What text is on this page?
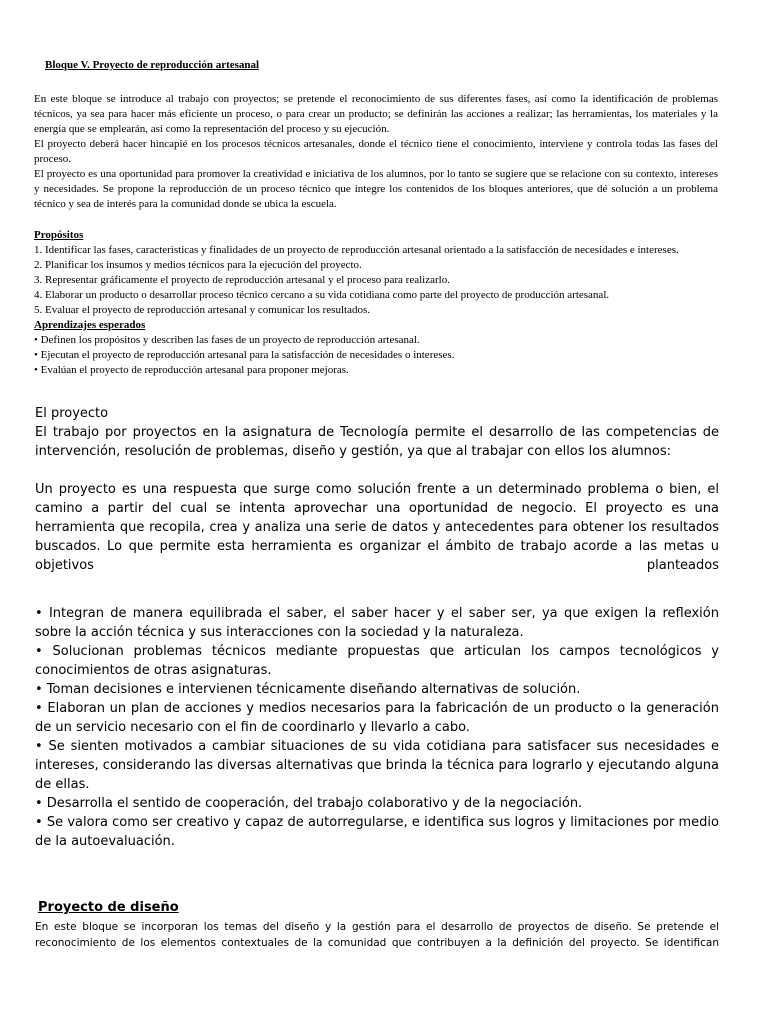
Bloque V. Proyecto de reproducción artesanal

En este bloque se introduce al trabajo con proyectos; se pretende el reconocimiento de sus diferentes fases, así como la identificación de problemas técnicos, ya sea para hacer más eficiente un proceso, o para crear un producto; se definirán las acciones a realizar; las herramientas, los materiales y la energía que se emplearán, así como la representación del proceso y su ejecución.

El proyecto deberá hacer hincapié en los procesos técnicos artesanales, donde el técnico tiene el conocimiento, interviene y controla todas las fases del proceso.

El proyecto es una oportunidad para promover la creatividad e iniciativa de los alumnos, por lo tanto se sugiere que se relacione con su contexto, intereses y necesidades. Se propone la reproducción de un proceso técnico que integre los contenidos de los bloques anteriores, que dé solución a un problema técnico y sea de interés para la comunidad donde se ubica la escuela.

Propósitos
1. Identificar las fases, características y finalidades de un proyecto de reproducción artesanal orientado a la satisfacción de necesidades e intereses.
2. Planificar los insumos y medios técnicos para la ejecución del proyecto.
3. Representar gráficamente el proyecto de reproducción artesanal y el proceso para realizarlo.
4. Elaborar un producto o desarrollar proceso técnico cercano a su vida cotidiana como parte del proyecto de producción artesanal.
5. Evaluar el proyecto de reproducción artesanal y comunicar los resultados.
Aprendizajes esperados
• Definen los propósitos y describen las fases de un proyecto de reproducción artesanal.
• Ejecutan el proyecto de reproducción artesanal para la satisfacción de necesidades o intereses.
• Evalúan el proyecto de reproducción artesanal para proponer mejoras.
El proyecto

El trabajo por proyectos en la asignatura de Tecnología permite el desarrollo de las competencias de intervención, resolución de problemas, diseño y gestión, ya que al trabajar con ellos los alumnos:

Un proyecto es una respuesta que surge como solución frente a un determinado problema o bien, el camino a partir del cual se intenta aprovechar una oportunidad de negocio. El proyecto es una herramienta que recopila, crea y analiza una serie de datos y antecedentes para obtener los resultados buscados. Lo que permite esta herramienta es organizar el ámbito de trabajo acorde a las metas u objetivos planteados

• Integran de manera equilibrada el saber, el saber hacer y el saber ser, ya que exigen la reflexión sobre la acción técnica y sus interacciones con la sociedad y la naturaleza.
• Solucionan problemas técnicos mediante propuestas que articulan los campos tecnológicos y conocimientos de otras asignaturas.
• Toman decisiones e intervienen técnicamente diseñando alternativas de solución.
• Elaboran un plan de acciones y medios necesarios para la fabricación de un producto o la generación de un servicio necesario con el fin de coordinarlo y llevarlo a cabo.
• Se sienten motivados a cambiar situaciones de su vida cotidiana para satisfacer sus necesidades e intereses, considerando las diversas alternativas que brinda la técnica para lograrlo y ejecutando alguna de ellas.
• Desarrolla el sentido de cooperación, del trabajo colaborativo y de la negociación.
• Se valora como ser creativo y capaz de autorregularse, e identifica sus logros y limitaciones por medio de la autoevaluación.
Proyecto de diseño

En este bloque se incorporan los temas del diseño y la gestión para el desarrollo de proyectos de diseño. Se pretende el reconocimiento de los elementos contextuales de la comunidad que contribuyen a la definición del proyecto. Se identifican
